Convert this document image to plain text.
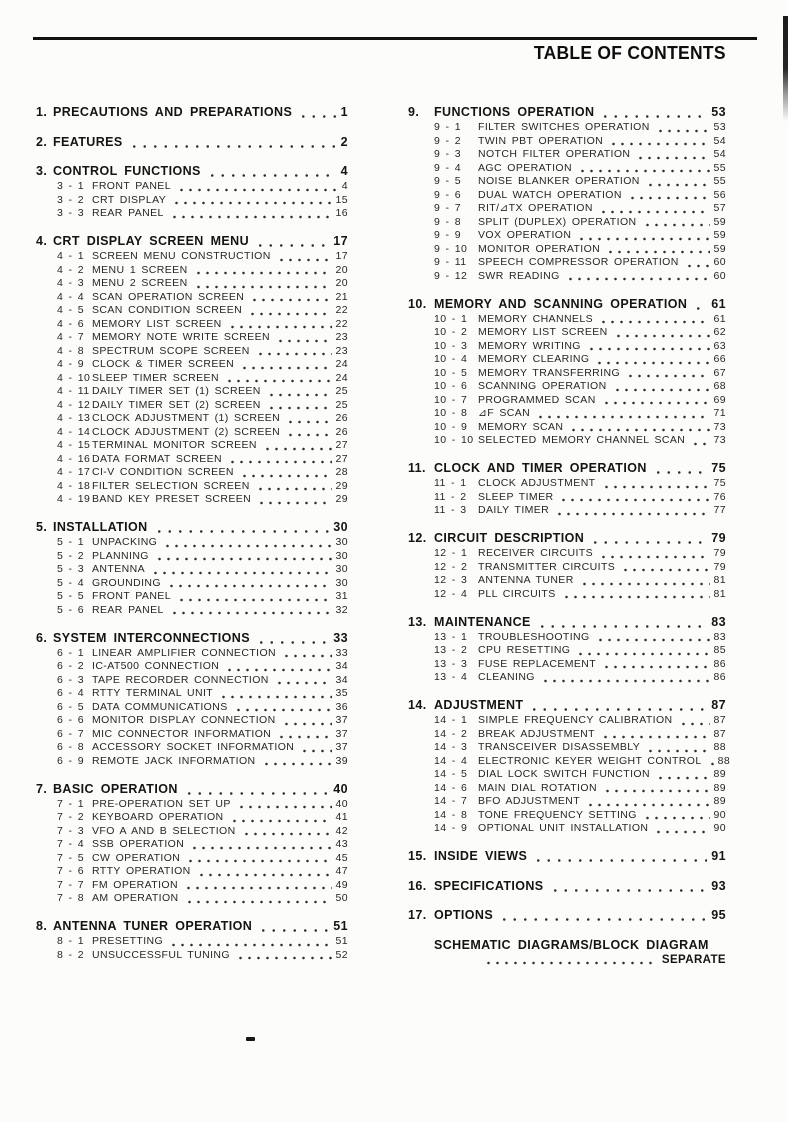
TABLE OF CONTENTS
1. PRECAUTIONS AND PREPARATIONS	1
2. FEATURES	2
3. CONTROL FUNCTIONS	4
3 - 1 FRONT PANEL	4
3 - 2 CRT DISPLAY	15
3 - 3 REAR PANEL	16
4. CRT DISPLAY SCREEN MENU	17
4 - 1 SCREEN MENU CONSTRUCTION	17
4 - 2 MENU 1 SCREEN	20
4 - 3 MENU 2 SCREEN	20
4 - 4 SCAN OPERATION SCREEN	21
4 - 5 SCAN CONDITION SCREEN	22
4 - 6 MEMORY LIST SCREEN	22
4 - 7 MEMORY NOTE WRITE SCREEN	23
4 - 8 SPECTRUM SCOPE SCREEN	23
4 - 9 CLOCK & TIMER SCREEN	24
4 - 10 SLEEP TIMER SCREEN	24
4 - 11 DAILY TIMER SET (1) SCREEN	25
4 - 12 DAILY TIMER SET (2) SCREEN	25
4 - 13 CLOCK ADJUSTMENT (1) SCREEN	26
4 - 14 CLOCK ADJUSTMENT (2) SCREEN	26
4 - 15 TERMINAL MONITOR SCREEN	27
4 - 16 DATA FORMAT SCREEN	27
4 - 17 CI-V CONDITION SCREEN	28
4 - 18 FILTER SELECTION SCREEN	29
4 - 19 BAND KEY PRESET SCREEN	29
5. INSTALLATION	30
5 - 1 UNPACKING	30
5 - 2 PLANNING	30
5 - 3 ANTENNA	30
5 - 4 GROUNDING	30
5 - 5 FRONT PANEL	31
5 - 6 REAR PANEL	32
6. SYSTEM INTERCONNECTIONS	33
6 - 1 LINEAR AMPLIFIER CONNECTION	33
6 - 2 IC-AT500 CONNECTION	34
6 - 3 TAPE RECORDER CONNECTION	34
6 - 4 RTTY TERMINAL UNIT	35
6 - 5 DATA COMMUNICATIONS	36
6 - 6 MONITOR DISPLAY CONNECTION	37
6 - 7 MIC CONNECTOR INFORMATION	37
6 - 8 ACCESSORY SOCKET INFORMATION	37
6 - 9 REMOTE JACK INFORMATION	39
7. BASIC OPERATION	40
7 - 1 PRE-OPERATION SET UP	40
7 - 2 KEYBOARD OPERATION	41
7 - 3 VFO A AND B SELECTION	42
7 - 4 SSB OPERATION	43
7 - 5 CW OPERATION	45
7 - 6 RTTY OPERATION	47
7 - 7 FM OPERATION	49
7 - 8 AM OPERATION	50
8. ANTENNA TUNER OPERATION	51
8 - 1 PRESETTING	51
8 - 2 UNSUCCESSFUL TUNING	52
9.	FUNCTIONS OPERATION	53
9 - 1	FILTER SWITCHES OPERATION	53
9 - 2	TWIN PBT OPERATION	54
9 - 3	NOTCH FILTER OPERATION	54
9 - 4	AGC OPERATION	55
9 - 5	NOISE BLANKER OPERATION	55
9 - 6	DUAL WATCH OPERATION	56
9 - 7	RIT/⊿TX OPERATION	57
9 - 8	SPLIT (DUPLEX) OPERATION	59
9 - 9	VOX OPERATION	59
9 - 10	MONITOR OPERATION	59
9 - 11	SPEECH COMPRESSOR OPERATION	60
9 - 12	SWR READING	60
10. MEMORY AND SCANNING OPERATION 61
10 - 1	MEMORY CHANNELS	61
10 - 2	MEMORY LIST SCREEN	62
10 - 3	MEMORY WRITING	63
10 - 4	MEMORY CLEARING	66
10 - 5	MEMORY TRANSFERRING	67
10 - 6	SCANNING OPERATION	68
10 - 7	PROGRAMMED SCAN	69
10 - 8	⊿F SCAN	71
10 - 9	MEMORY SCAN	73
10 - 10 SELECTED MEMORY CHANNEL SCAN	73
11. CLOCK AND TIMER OPERATION	75
11 - 1	CLOCK ADJUSTMENT	75
11 - 2	SLEEP TIMER	76
11 - 3	DAILY TIMER	77
12. CIRCUIT DESCRIPTION	79
12 - 1	RECEIVER CIRCUITS	79
12 - 2	TRANSMITTER CIRCUITS	79
12 - 3	ANTENNA TUNER	81
12 - 4	PLL CIRCUITS	81
13. MAINTENANCE	83
13 - 1	TROUBLESHOOTING	83
13 - 2	CPU RESETTING	85
13 - 3	FUSE REPLACEMENT	86
13 - 4	CLEANING	86
14. ADJUSTMENT	87
14 - 1	SIMPLE FREQUENCY CALIBRATION	87
14 - 2	BREAK ADJUSTMENT	87
14 - 3	TRANSCEIVER DISASSEMBLY	88
14 - 4	ELECTRONIC KEYER WEIGHT CONTROL 88
14 - 5	DIAL LOCK SWITCH FUNCTION	89
14 - 6	MAIN DIAL ROTATION	89
14 - 7	BFO ADJUSTMENT	89
14 - 8	TONE FREQUENCY SETTING	90
14 - 9	OPTIONAL UNIT INSTALLATION	90
15. INSIDE VIEWS	91
16. SPECIFICATIONS	93
17. OPTIONS	95
SCHEMATIC DIAGRAMS/BLOCK DIAGRAM
SEPARATE
